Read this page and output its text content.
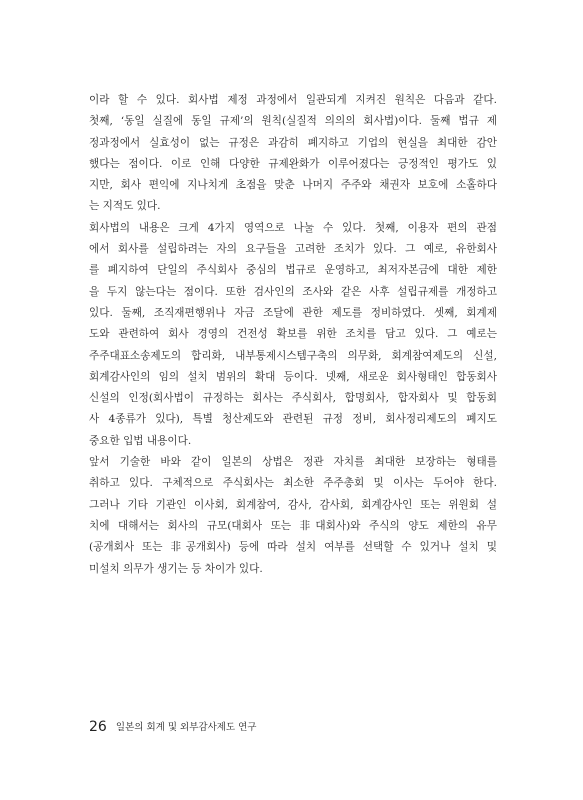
이라 할 수 있다. 회사법 제정 과정에서 일관되게 지켜진 원칙은 다음과 같다.
첫째, ‘동일 실질에 동일 규제’의 원칙(실질적 의의의 회사법)이다. 둘째 법규 제
정과정에서 실효성이 없는 규정은 과감히 폐지하고 기업의 현실을 최대한 감안
했다는 점이다. 이로 인해 다양한 규제완화가 이루어졌다는 긍정적인 평가도 있
지만, 회사 편익에 지나치게 초점을 맞춘 나머지 주주와 채권자 보호에 소홀하다
는 지적도 있다.
회사법의 내용은 크게 4가지 영역으로 나눌 수 있다. 첫째, 이용자 편의 관점
에서 회사를 설립하려는 자의 요구들을 고려한 조치가 있다. 그 예로, 유한회사
를 폐지하여 단일의 주식회사 중심의 법규로 운영하고, 최저자본금에 대한 제한
을 두지 않는다는 점이다. 또한 검사인의 조사와 같은 사후 설립규제를 개정하고
있다. 둘째, 조직재편행위나 자금 조달에 관한 제도를 정비하였다. 셋째, 회계제
도와 관련하여 회사 경영의 건전성 확보를 위한 조치를 담고 있다. 그 예로는
주주대표소송제도의 합리화, 내부통제시스템구축의 의무화, 회계참여제도의 신설,
회계감사인의 임의 설치 범위의 확대 등이다. 넷째, 새로운 회사형태인 합동회사
신설의 인정(회사법이 규정하는 회사는 주식회사, 합명회사, 합자회사 및 합동회
사 4종류가 있다), 특별 청산제도와 관련된 규정 정비, 회사정리제도의 폐지도
중요한 입법 내용이다.
앞서 기술한 바와 같이 일본의 상법은 정관 자치를 최대한 보장하는 형태를
취하고 있다. 구체적으로 주식회사는 최소한 주주총회 및 이사는 두어야 한다.
그러나 기타 기관인 이사회, 회계참여, 감사, 감사회, 회계감사인 또는 위원회 설
치에 대해서는 회사의 규모(대회사 또는 非대회사)와 주식의 양도 제한의 유무
(공개회사 또는 非공개회사) 등에 따라 설치 여부를 선택할 수 있거나 설치 및
미설치 의무가 생기는 등 차이가 있다.
26 일본의 회계 및 외부감사제도 연구
